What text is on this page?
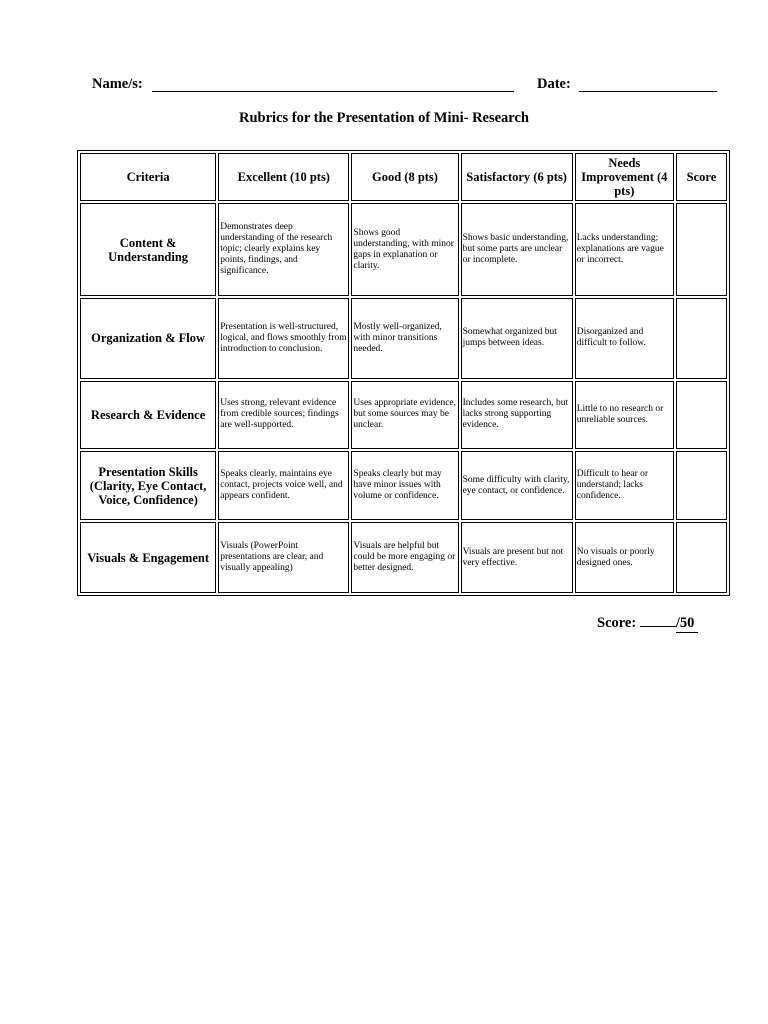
Name/s:	Date:
Rubrics for the Presentation of Mini- Research
Criteria	Excellent (10 pts)	Good (8 pts)	Satisfactory (6 pts)	Needs Improvement (4 pts)	Score
Content & Understanding	Demonstrates deep understanding of the research topic; clearly explains key points, findings, and significance.	Shows good understanding, with minor gaps in explanation or clarity.	Shows basic understanding, but some parts are unclear or incomplete.	Lacks understanding; explanations are vague or incorrect.	
Organization & Flow	Presentation is well-structured, logical, and flows smoothly from introduction to conclusion.	Mostly well-organized, with minor transitions needed.	Somewhat organized but jumps between ideas.	Disorganized and difficult to follow.	
Research & Evidence	Uses strong, relevant evidence from credible sources; findings are well-supported.	Uses appropriate evidence, but some sources may be unclear.	Includes some research, but lacks strong supporting evidence.	Little to no research or unreliable sources.	
Presentation Skills (Clarity, Eye Contact, Voice, Confidence)	Speaks clearly, maintains eye contact, projects voice well, and appears confident.	Speaks clearly but may have minor issues with volume or confidence.	Some difficulty with clarity, eye contact, or confidence.	Difficult to hear or understand; lacks confidence.	
Visuals & Engagement	Visuals (PowerPoint presentations are clear, and visually appealing)	Visuals are helpful but could be more engaging or better designed.	Visuals are present but not very effective.	No visuals or poorly designed ones.	
Score:	/50
